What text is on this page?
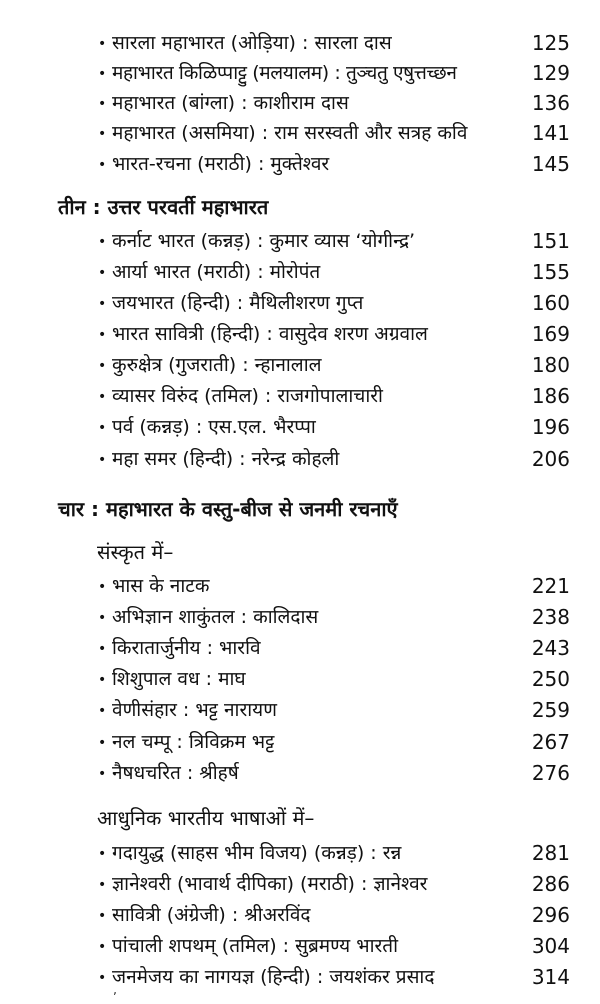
• सारला महाभारत (ओड़िया) : सारला दास	125
• महाभारत किळिप्पाट्टु (मलयालम) : तुञ्चतु एषुत्तच्छन	129
• महाभारत (बांग्ला) : काशीराम दास	136
• महाभारत (असमिया) : राम सरस्वती और सत्रह कवि	141
• भारत-रचना (मराठी) : मुक्तेश्वर	145
तीन : उत्तर परवर्ती महाभारत
• कर्नाट भारत (कन्नड़) : कुमार व्यास ‘योगीन्द्र’	151
• आर्या भारत (मराठी) : मोरोपंत	155
• जयभारत (हिन्दी) : मैथिलीशरण गुप्त	160
• भारत सावित्री (हिन्दी) : वासुदेव शरण अग्रवाल	169
• कुरुक्षेत्र (गुजराती) : न्हानालाल	180
• व्यासर विरुंद (तमिल) : राजगोपालाचारी	186
• पर्व (कन्नड़) : एस.एल. भैरप्पा	196
• महा समर (हिन्दी) : नरेन्द्र कोहली	206
चार : महाभारत के वस्तु-बीज से जनमी रचनाएँ
संस्कृत में–
• भास के नाटक	221
• अभिज्ञान शाकुंतल : कालिदास	238
• किरातार्जुनीय : भारवि	243
• शिशुपाल वध : माघ	250
• वेणीसंहार : भट्ट नारायण	259
• नल चम्पू : त्रिविक्रम भट्ट	267
• नैषधचरित : श्रीहर्ष	276
आधुनिक भारतीय भाषाओं में–
• गदायुद्ध (साहस भीम विजय) (कन्नड़) : रन्न	281
• ज्ञानेश्वरी (भावार्थ दीपिका) (मराठी) : ज्ञानेश्वर	286
• सावित्री (अंग्रेजी) : श्रीअरविंद	296
• पांचाली शपथम् (तमिल) : सुब्रमण्य भारती	304
• जनमेजय का नागयज्ञ (हिन्दी) : जयशंकर प्रसाद	314
ʼ
